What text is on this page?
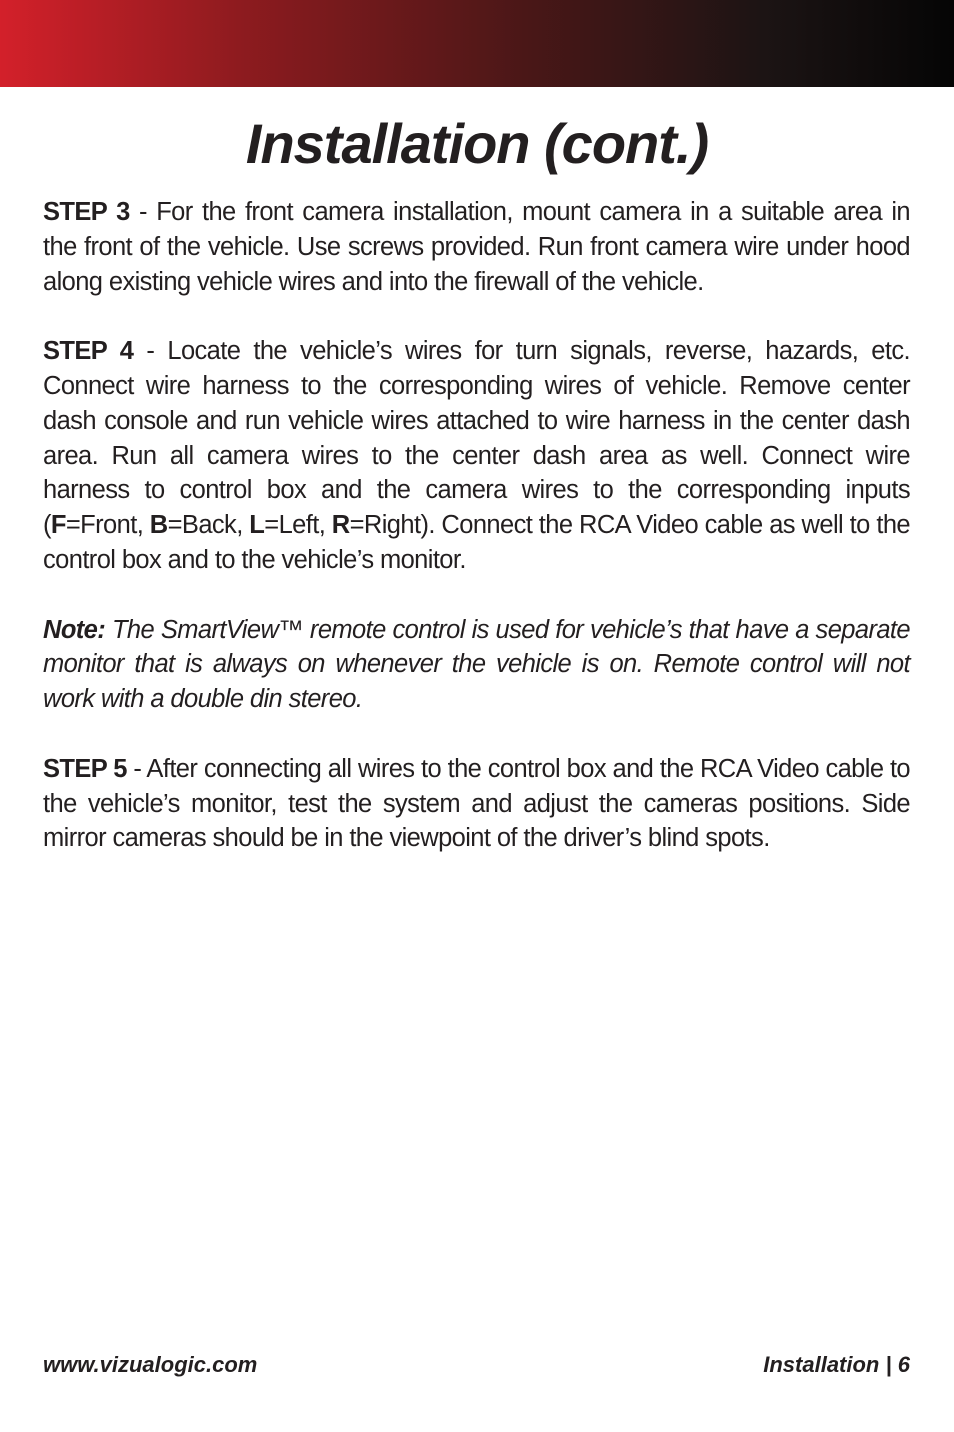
Installation (cont.)

STEP 3 - For the front camera installation, mount camera in a suitable area in the front of the vehicle. Use screws provided. Run front camera wire under hood along existing vehicle wires and into the firewall of the vehicle.

STEP 4 - Locate the vehicle’s wires for turn signals, reverse, hazards, etc. Connect wire harness to the corresponding wires of vehicle. Remove center dash console and run vehicle wires attached to wire harness in the center dash area. Run all camera wires to the center dash area as well. Connect wire harness to control box and the camera wires to the corresponding inputs (F=Front, B=Back, L=Left, R=Right). Connect the RCA Video cable as well to the control box and to the vehicle’s monitor.

Note: The SmartView™ remote control is used for vehicle’s that have a separate monitor that is always on whenever the vehicle is on. Remote control will not work with a double din stereo.

STEP 5 - After connecting all wires to the control box and the RCA Video cable to the vehicle’s monitor, test the system and adjust the cameras positions. Side mirror cameras should be in the viewpoint of the driver’s blind spots.

www.vizualogic.com	Installation | 6
